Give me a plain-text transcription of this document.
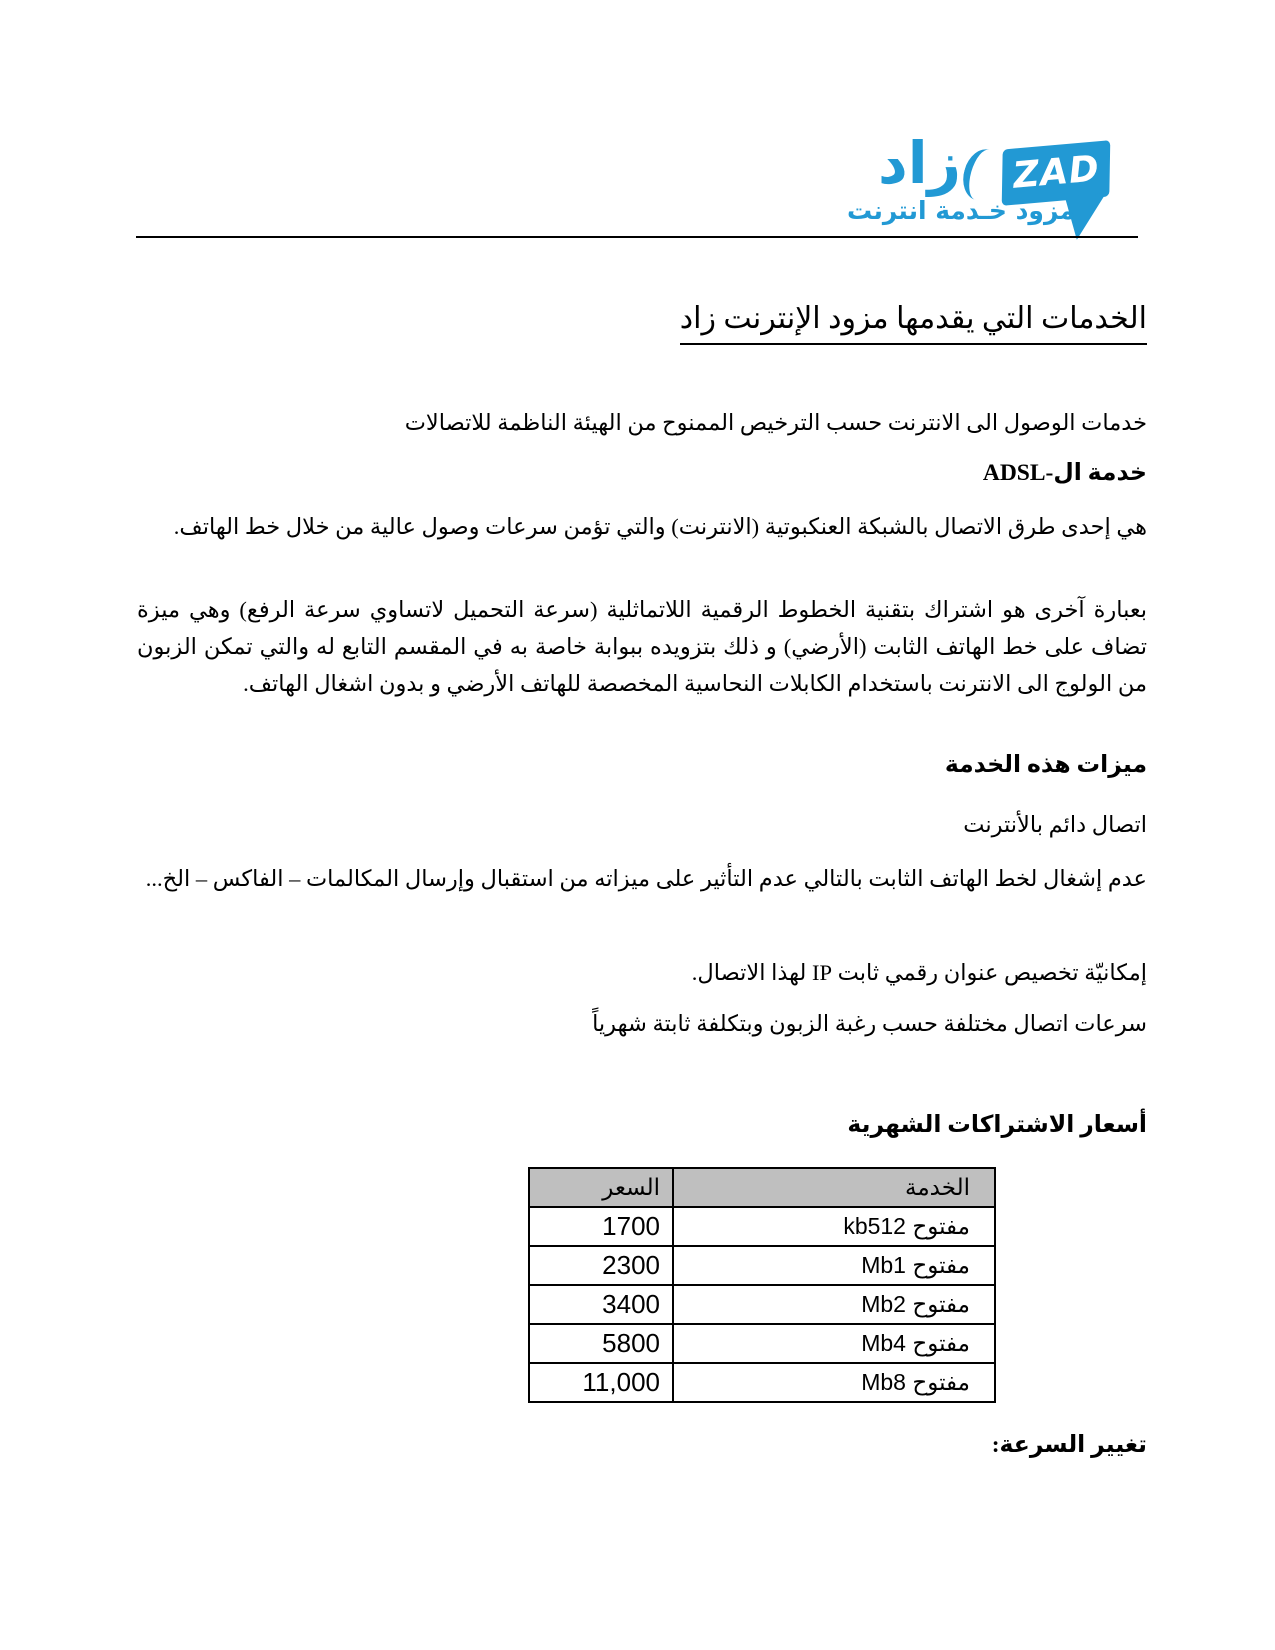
زاد ZAD
مزود خـدمة انترنت
الخدمات التي يقدمها مزود الإنترنت زاد
خدمات الوصول الى الانترنت حسب الترخيص الممنوح من الهيئة الناظمة للاتصالات
خدمة ال-ADSL
هي إحدى طرق الاتصال بالشبكة العنكبوتية (الانترنت) والتي تؤمن سرعات وصول عالية من خلال خط الهاتف.
بعبارة آخرى هو اشتراك بتقنية الخطوط الرقمية اللاتماثلية (سرعة التحميل لاتساوي سرعة الرفع) وهي ميزة تضاف على خط الهاتف الثابت (الأرضي) و ذلك بتزويده ببوابة خاصة به في المقسم التابع له والتي تمكن الزبون من الولوج الى الانترنت باستخدام الكابلات النحاسية المخصصة للهاتف الأرضي و بدون اشغال الهاتف.
ميزات هذه الخدمة
اتصال دائم بالأنترنت
عدم إشغال لخط الهاتف الثابت بالتالي عدم التأثير على ميزاته من استقبال وإرسال المكالمات – الفاكس – الخ...
إمكانيّة تخصيص عنوان رقمي ثابت IP لهذا الاتصال.
سرعات اتصال مختلفة حسب رغبة الزبون وبتكلفة ثابتة شهرياً
أسعار الاشتراكات الشهرية
الخدمة	السعر
مفتوح kb512	1700
مفتوح Mb1	2300
مفتوح Mb2	3400
مفتوح Mb4	5800
مفتوح Mb8	11,000
تغيير السرعة:
